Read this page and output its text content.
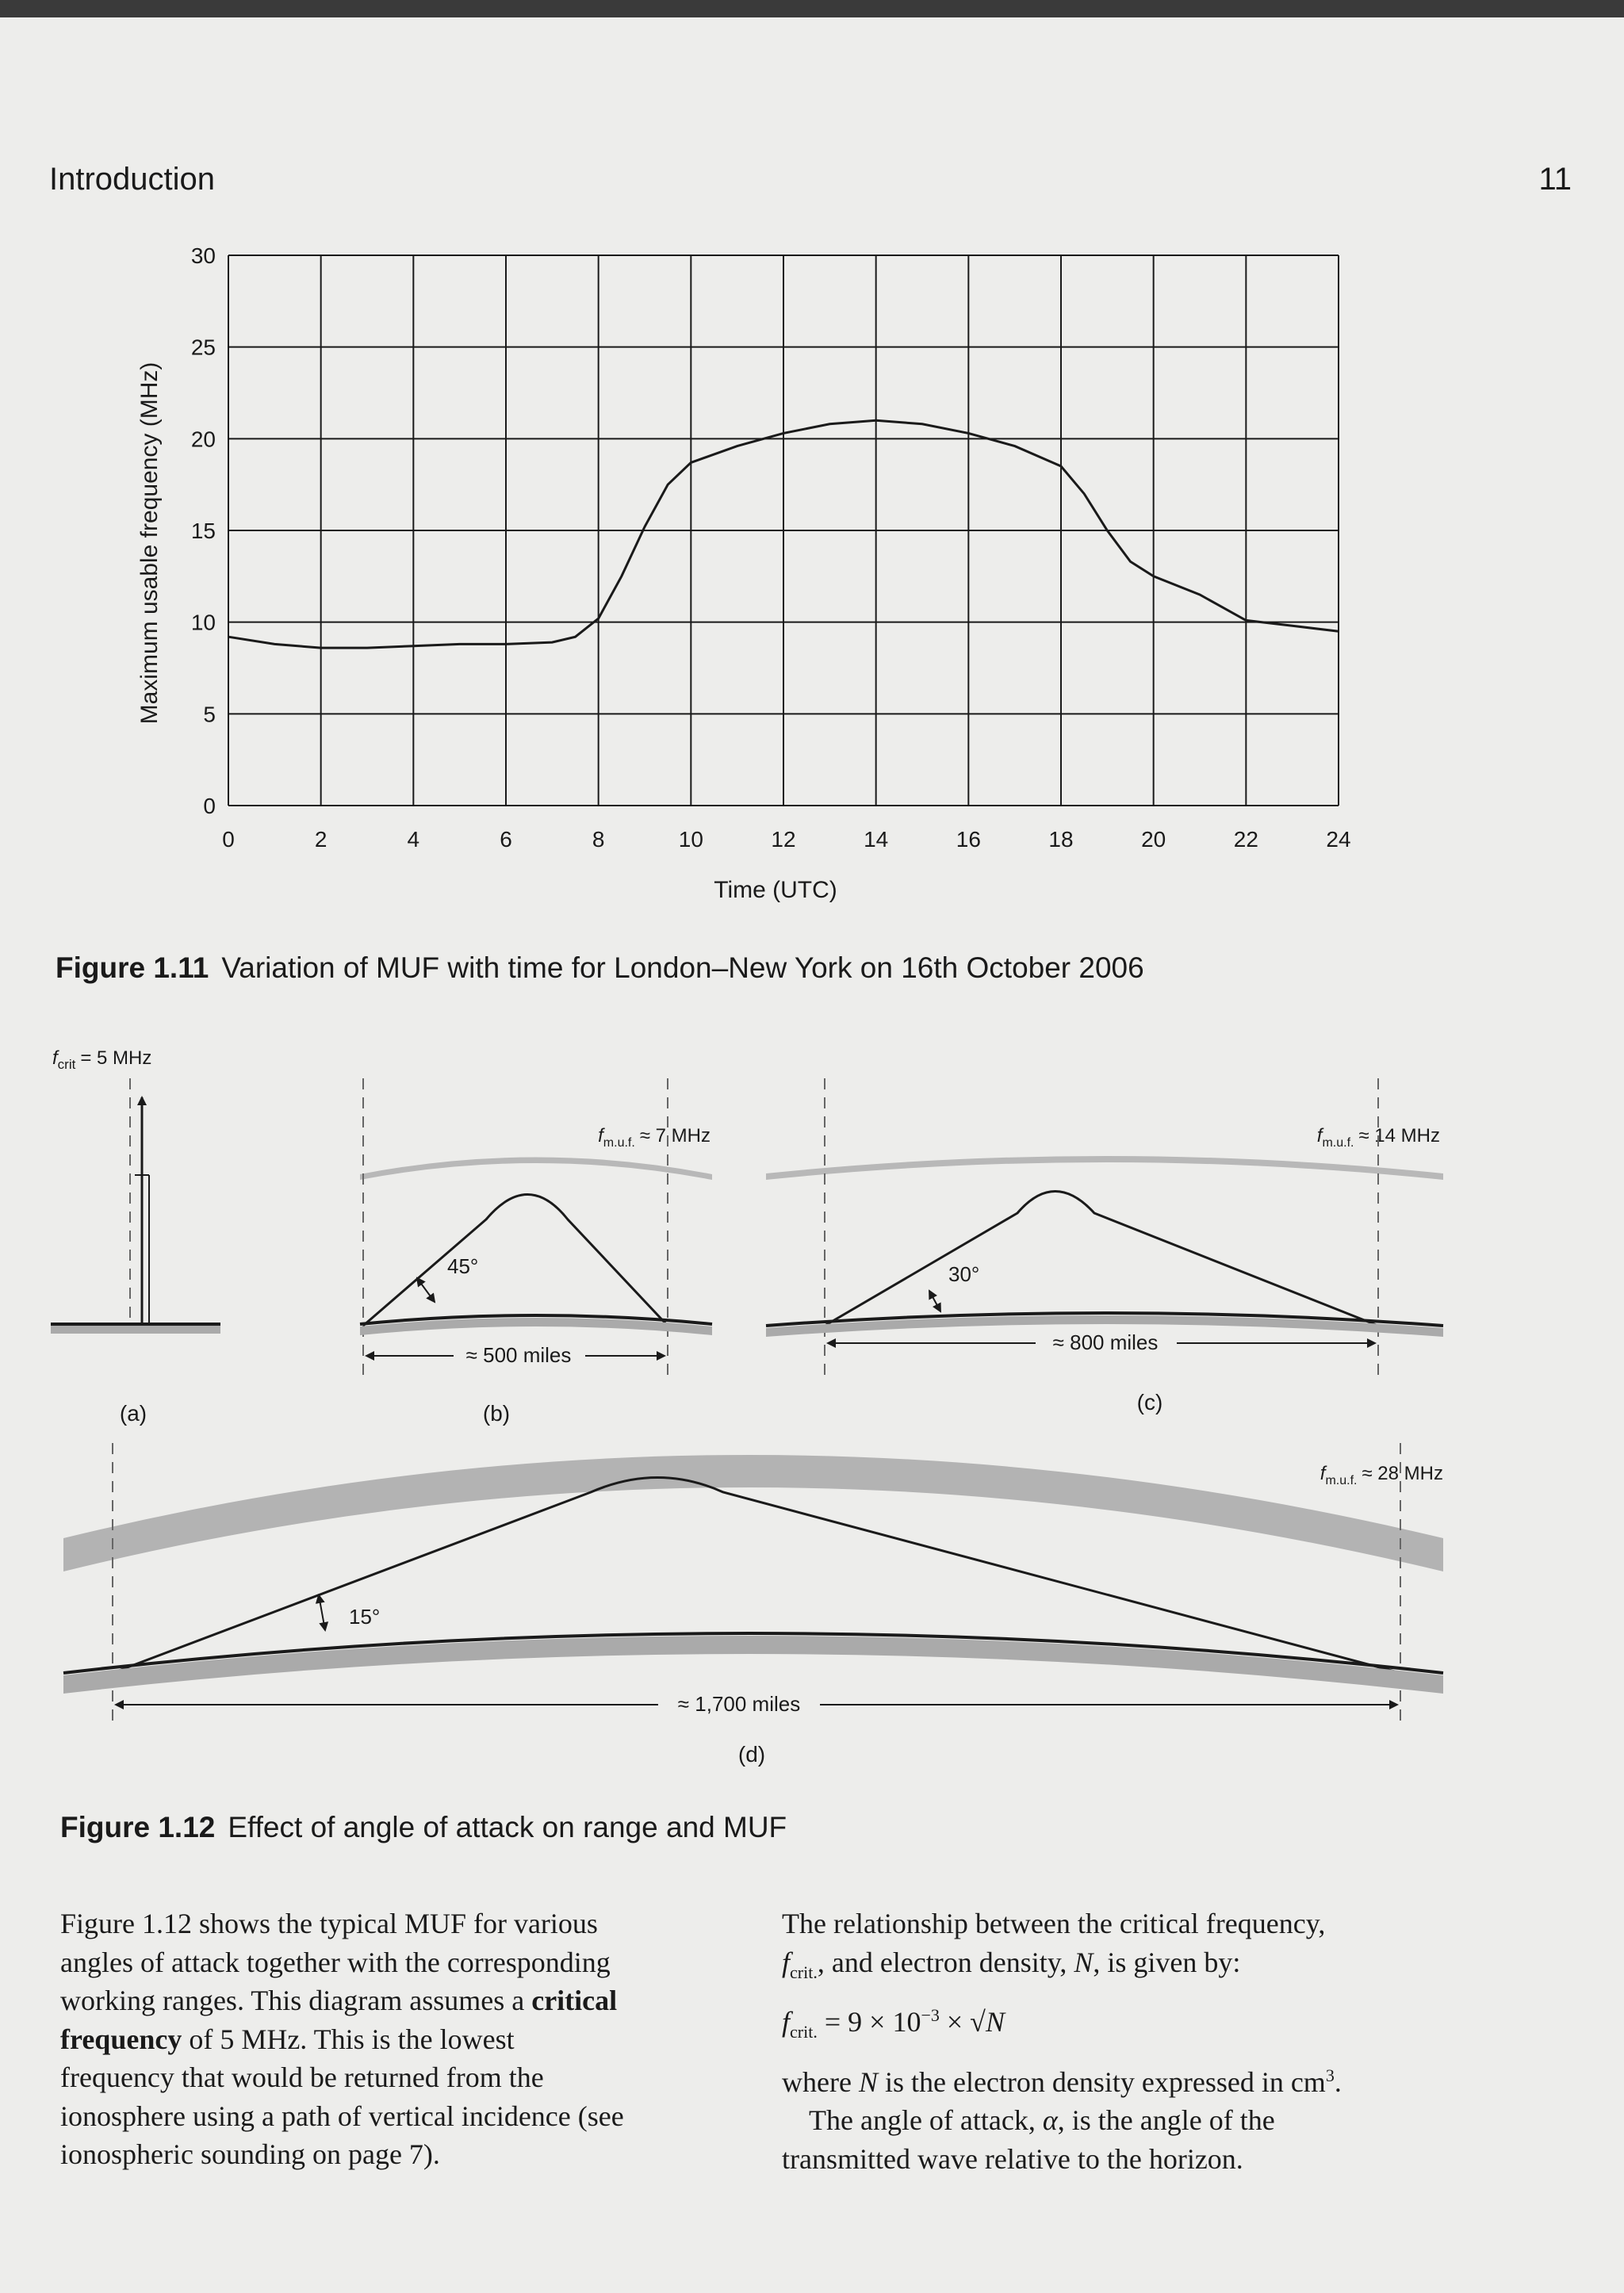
Introduction	11
0
5
10
15
20
25
30
0	2	4	6	8	10	12	14	16	18	20	22	24
Maximum usable frequency (MHz)
Time (UTC)
Figure 1.11 Variation of MUF with time for London–New York on 16th October 2006
$f_{crit} = 5$ MHz
(a)
$f_{m.u.f.} \approx 7$ MHz
45°
≈ 500 miles
(b)
$f_{m.u.f.} \approx 14$ MHz
30°
≈ 800 miles
(c)
$f_{m.u.f.} \approx 28$ MHz
15°
≈ 1,700 miles
(d)
Figure 1.12 Effect of angle of attack on range and MUF
Figure 1.12 shows the typical MUF for various
angles of attack together with the corresponding
working ranges. This diagram assumes a critical
frequency of 5 MHz. This is the lowest
frequency that would be returned from the
ionosphere using a path of vertical incidence (see
ionospheric sounding on page 7).
The relationship between the critical frequency,
$f_{crit.}$, and electron density, N, is given by:
$f_{crit.} = 9 \times 10^{-3} \times √N$
where N is the electron density expressed in $cm^3$.
The angle of attack, α, is the angle of the
transmitted wave relative to the horizon.
